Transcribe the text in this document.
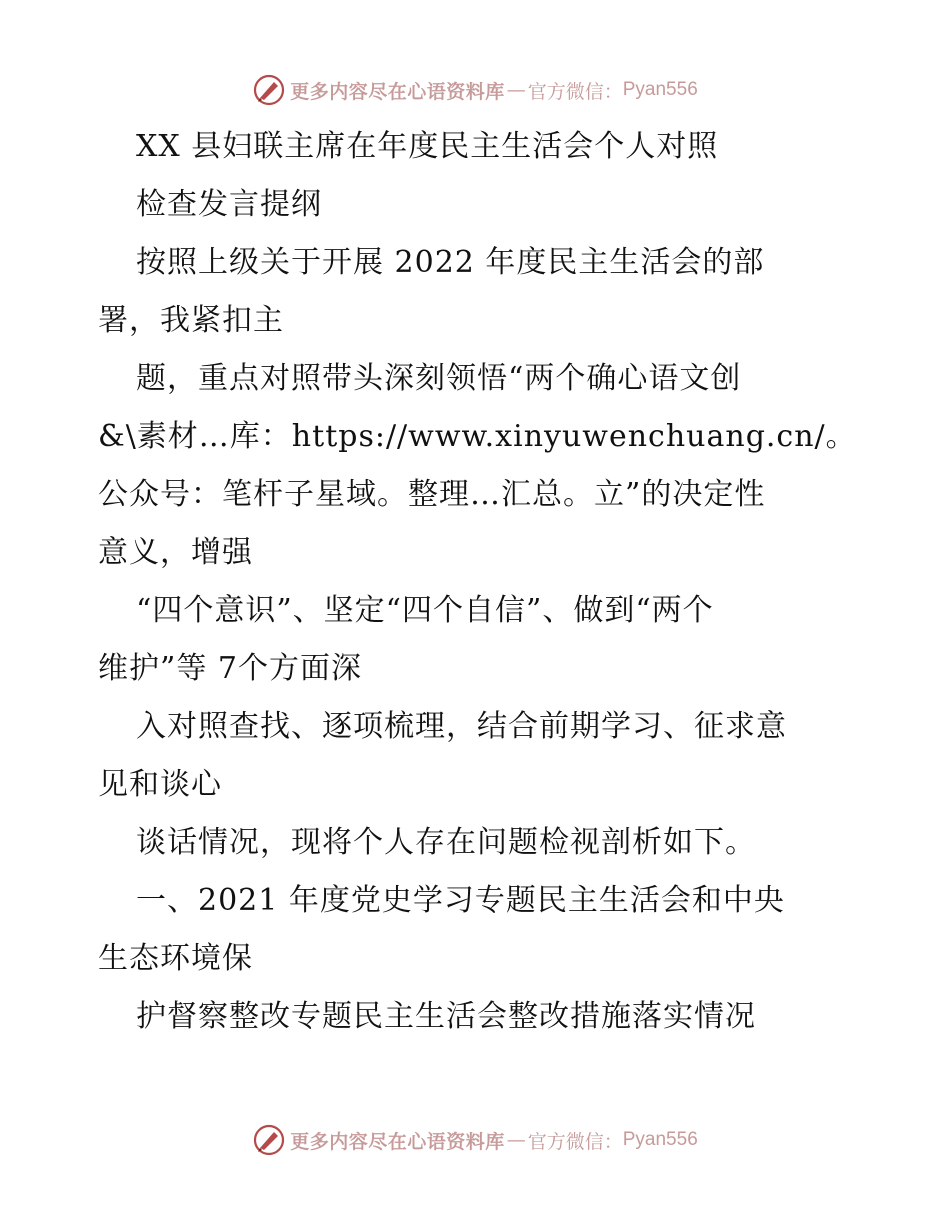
更多内容尽在心语资料库 — 官方微信： Pyan556
XX 县妇联主席在年度民主生活会个人对照
检查发言提纲
按照上级关于开展 2022 年度民主生活会的部
署，我紧扣主
题，重点对照带头深刻领悟“两个确心语文创
&\素材…库：https://www.xinyuwenchuang.cn/。
公众号：笔杆子星域。整理…汇总。立”的决定性
意义，增强
“四个意识”、坚定“四个自信”、做到“两个
维护”等 7个方面深
入对照查找、逐项梳理，结合前期学习、征求意
见和谈心
谈话情况，现将个人存在问题检视剖析如下。
一、2021 年度党史学习专题民主生活会和中央
生态环境保
护督察整改专题民主生活会整改措施落实情况
更多内容尽在心语资料库 — 官方微信： Pyan556
